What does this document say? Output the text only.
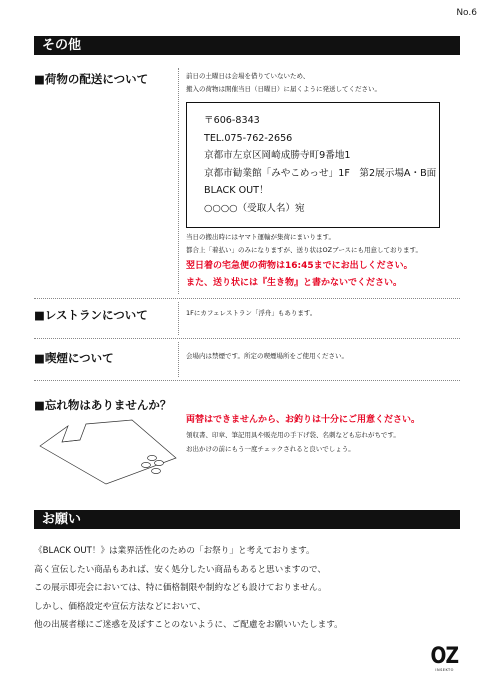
No.6
その他
■荷物の配送について	前日の土曜日は会場を借りていないため、
搬入の荷物は開催当日（日曜日）に届くように発送してください。
〒606-8343
TEL.075-762-2656
京都市左京区岡崎成勝寺町9番地1
京都市勧業館「みやこめっせ」1F　第2展示場A・B面
BLACK OUT！
○○○○（受取人名）宛
当日の搬出時にはヤマト運輸が集荷にまいります。
都合上「着払い」のみになりますが、送り状はOZブースにも用意しております。
翌日着の宅急便の荷物は16:45までにお出しください。
また、送り状には『生き物』と書かないでください。
■レストランについて	1Fにカフェレストラン「浮舟」もあります。
■喫煙について	会場内は禁煙です。所定の喫煙場所をご使用ください。
■忘れ物はありませんか？
両替はできませんから、お釣りは十分にご用意ください。
領収書、印章、筆記用具や販売用の手下げ袋、名刺なども忘れがちです。
お出かけの前にもう一度チェックされると良いでしょう。
お願い
《BLACK OUT！》は業界活性化のための「お祭り」と考えております。
高く宣伝したい商品もあれば、安く処分したい商品もあると思いますので、
この展示即売会においては、特に価格制限や制約なども設けておりません。
しかし、価格設定や宣伝方法などにおいて、
他の出展者様にご迷惑を及ぼすことのないように、ご配慮をお願いいたします。
OZ
INSEKTO
